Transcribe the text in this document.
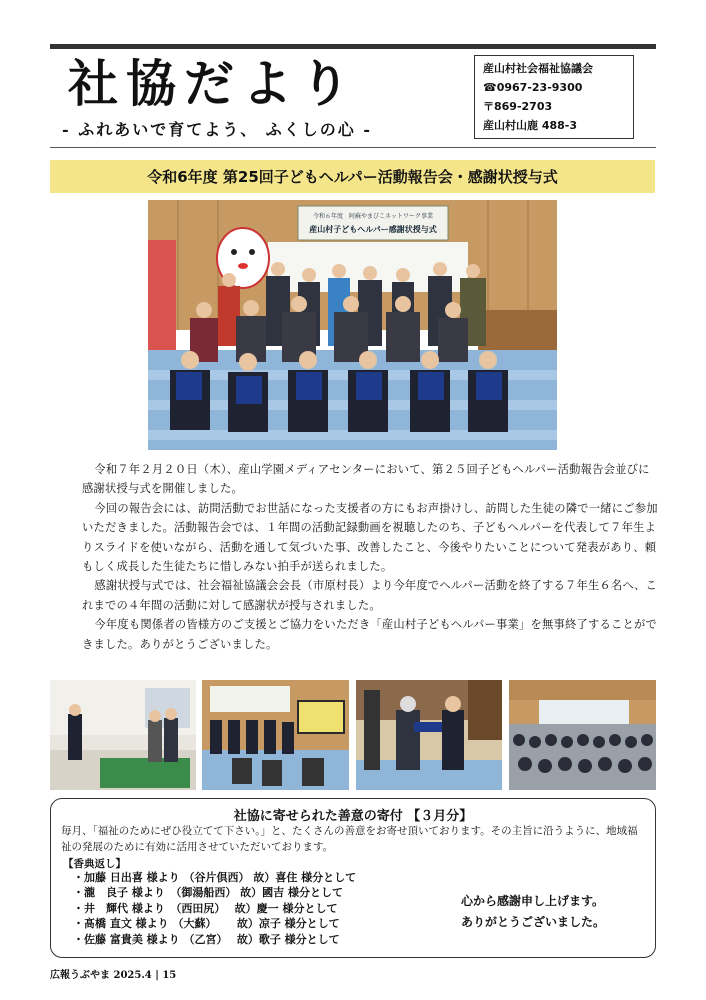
社協だより
- ふれあいで育てよう、 ふくしの心 -
産山村社会福祉協議会
☎0967-23-9300
〒869-2703
産山村山鹿 488-3
令和6年度 第25回子どもヘルパー活動報告会・感謝状授与式
令和６年度　阿蘇やまびこネットワーク事業
産山村子どもヘルパー感謝状授与式

令和７年２月２０日（木）、産山学園メディアセンターにおいて、第２５回子どもヘルパー活動報告会並びに感謝状授与式を開催しました。

今回の報告会には、訪問活動でお世話になった支援者の方にもお声掛けし、訪問した生徒の隣で一緒にご参加いただきました。活動報告会では、１年間の活動記録動画を視聴したのち、子どもヘルパーを代表して７年生よりスライドを使いながら、活動を通して気づいた事、改善したこと、今後やりたいことについて発表があり、頼もしく成長した生徒たちに惜しみない拍手が送られました。

感謝状授与式では、社会福祉協議会会長（市原村長）より今年度でヘルパー活動を終了する７年生６名へ、これまでの４年間の活動に対して感謝状が授与されました。

今年度も関係者の皆様方のご支援とご協力をいただき「産山村子どもヘルパー事業」を無事終了することができました。ありがとうございました。

社協に寄せられた善意の寄付 【３月分】

毎月、「福祉のためにぜひ役立てて下さい。」と、たくさんの善意をお寄せ頂いております。その主旨に沿うように、地域福祉の発展のために有効に活用させていただいております。

【香典返し】
・加藤 日出喜 様より （谷片倶西） 故）喜住 様分として
・瀧　良子 様より　（御湯船西） 故）國吉 様分として
・井　輝代 様より　（西田尻）　 故）慶一 様分として
・髙橋 直文 様より （大蘇）　　 故）凉子 様分として
・佐藤 富貴美 様より （乙宮）　 故）歌子 様分として
心から感謝申し上げます。
ありがとうございました。
広報うぶやま 2025.4 | 15
